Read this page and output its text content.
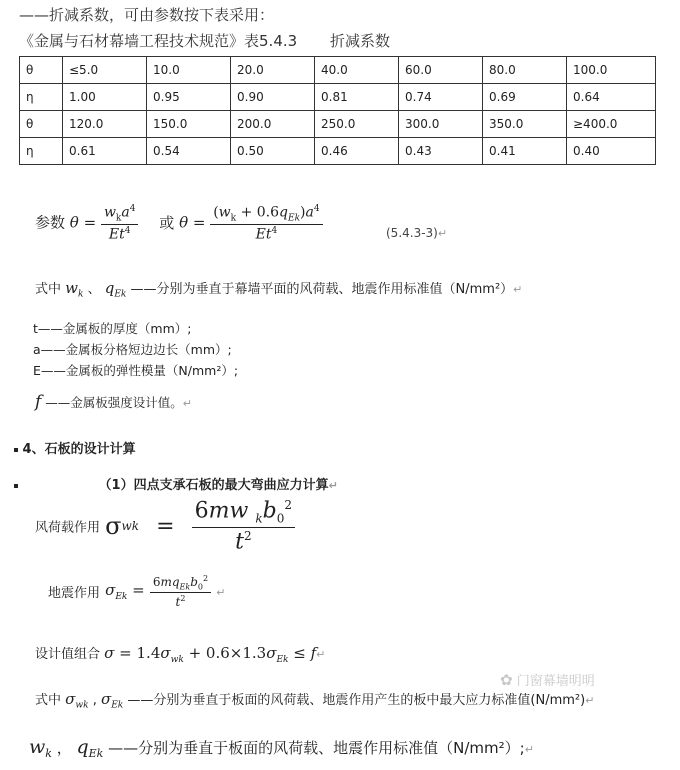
——折减系数，可由参数按下表采用：
《金属与石材幕墙工程技术规范》表5.4.3 折减系数
θ	≤5.0	10.0	20.0	40.0	60.0	80.0	100.0
η	1.00	0.95	0.90	0.81	0.74	0.69	0.64
θ	120.0	150.0	200.0	250.0	300.0	350.0	≥400.0
η	0.61	0.54	0.50	0.46	0.43	0.41	0.40
参数 θ =
$w_ka^4$
Et$^4$	或 θ =
$(w_k + 0.6q_{Ek})a^4$
Et$^4$	(5.4.3-3)↵
式中 $w_k$ 、 $q_{Ek}$ ——分别为垂直于幕墙平面的风荷载、地震作用标准值（N/mm²）↵
t——金属板的厚度（mm）;
a——金属板分格短边边长（mm）;
E——金属板的弹性模量（N/mm²）;
f ——金属板强度设计值。↵
4、石板的设计计算
（1）四点支承石板的最大弯曲应力计算↵
风荷载作用 $\sigma wk = \frac{6mw _kb_0^2}{t^2}$
地震作用 $\sigma_{Ek} = 6mq_{Ek}b_0^2$
$t^2$	↵
设计值组合 $\sigma = 1.4\sigma_{wk} + 0.6\times 1.3\sigma_{Ek}$ ≤ f↵
✿ 门窗幕墙明明
式中 $\sigma_{wk}$ , $\sigma_{Ek}$ ——分别为垂直于板面的风荷载、地震作用产生的板中最大应力标准值(N/mm²)↵
$w_k$ ， $q_{Ek}$ ——分别为垂直于板面的风荷载、地震作用标准值（N/mm²）;↵
